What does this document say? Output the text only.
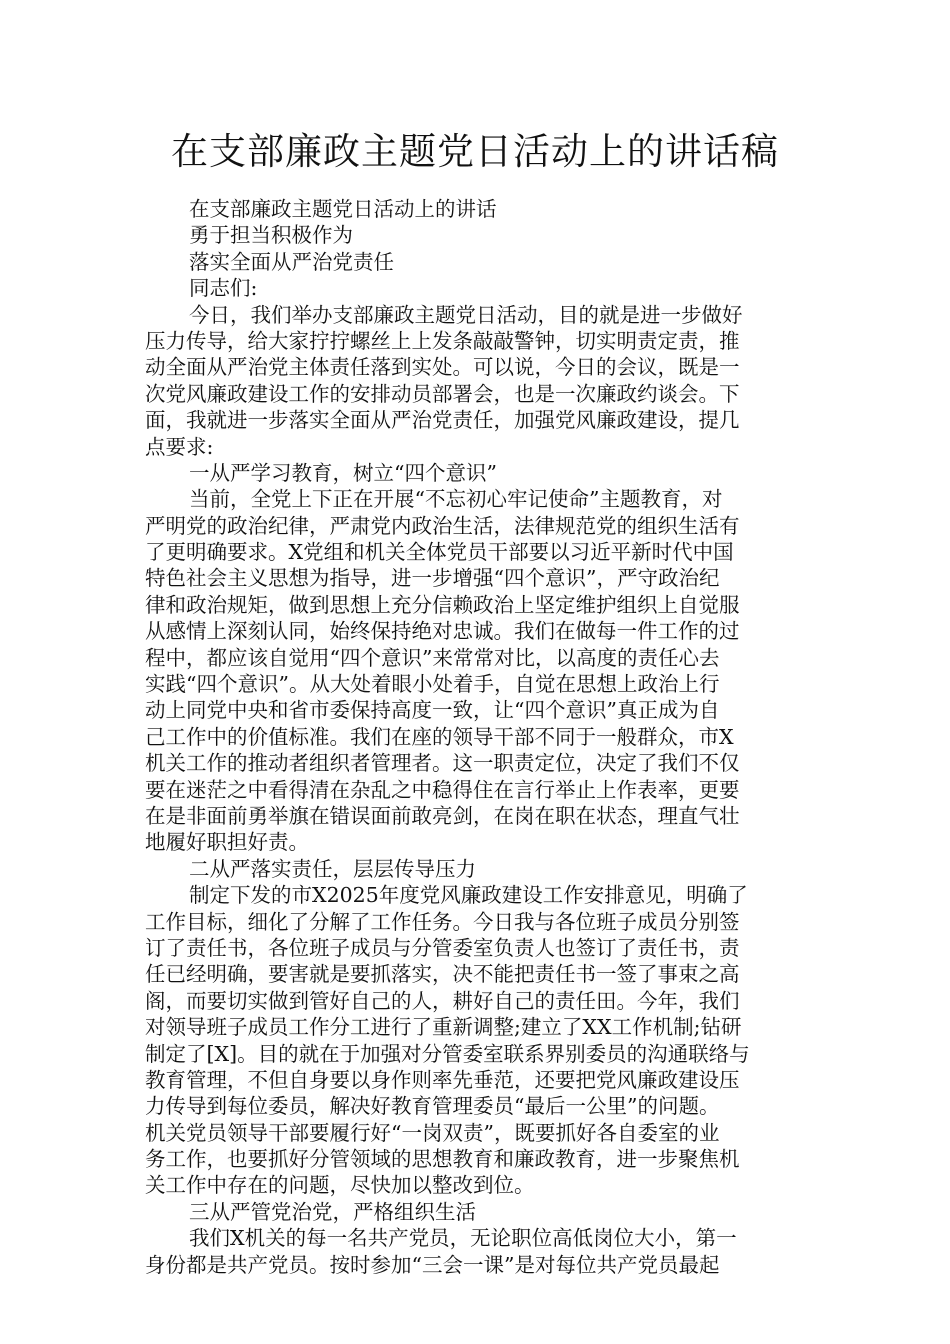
在支部廉政主题党日活动上的讲话稿
在支部廉政主题党日活动上的讲话
勇于担当积极作为
落实全面从严治党责任
同志们:
今日，我们举办支部廉政主题党日活动，目的就是进一步做好
压力传导，给大家拧拧螺丝上上发条敲敲警钟，切实明责定责，推
动全面从严治党主体责任落到实处。可以说，今日的会议，既是一
次党风廉政建设工作的安排动员部署会，也是一次廉政约谈会。下
面，我就进一步落实全面从严治党责任，加强党风廉政建设，提几
点要求:
一从严学习教育，树立“四个意识”
当前，全党上下正在开展“不忘初心牢记使命”主题教育，对
严明党的政治纪律，严肃党内政治生活，法律规范党的组织生活有
了更明确要求。X党组和机关全体党员干部要以习近平新时代中国
特色社会主义思想为指导，进一步增强“四个意识”，严守政治纪
律和政治规矩，做到思想上充分信赖政治上坚定维护组织上自觉服
从感情上深刻认同，始终保持绝对忠诚。我们在做每一件工作的过
程中，都应该自觉用“四个意识”来常常对比，以高度的责任心去
实践“四个意识”。从大处着眼小处着手，自觉在思想上政治上行
动上同党中央和省市委保持高度一致，让“四个意识”真正成为自
己工作中的价值标准。我们在座的领导干部不同于一般群众，市X
机关工作的推动者组织者管理者。这一职责定位，决定了我们不仅
要在迷茫之中看得清在杂乱之中稳得住在言行举止上作表率，更要
在是非面前勇举旗在错误面前敢亮剑，在岗在职在状态，理直气壮
地履好职担好责。
二从严落实责任，层层传导压力
制定下发的市X2025年度党风廉政建设工作安排意见，明确了
工作目标，细化了分解了工作任务。今日我与各位班子成员分别签
订了责任书，各位班子成员与分管委室负责人也签订了责任书，责
任已经明确，要害就是要抓落实，决不能把责任书一签了事束之高
阁，而要切实做到管好自己的人，耕好自己的责任田。今年，我们
对领导班子成员工作分工进行了重新调整;建立了XX工作机制;钻研
制定了[X]。目的就在于加强对分管委室联系界别委员的沟通联络与
教育管理，不但自身要以身作则率先垂范，还要把党风廉政建设压
力传导到每位委员，解决好教育管理委员“最后一公里”的问题。
机关党员领导干部要履行好“一岗双责”，既要抓好各自委室的业
务工作，也要抓好分管领域的思想教育和廉政教育，进一步聚焦机
关工作中存在的问题，尽快加以整改到位。
三从严管党治党，严格组织生活
我们X机关的每一名共产党员，无论职位高低岗位大小，第一
身份都是共产党员。按时参加“三会一课”是对每位共产党员最起
